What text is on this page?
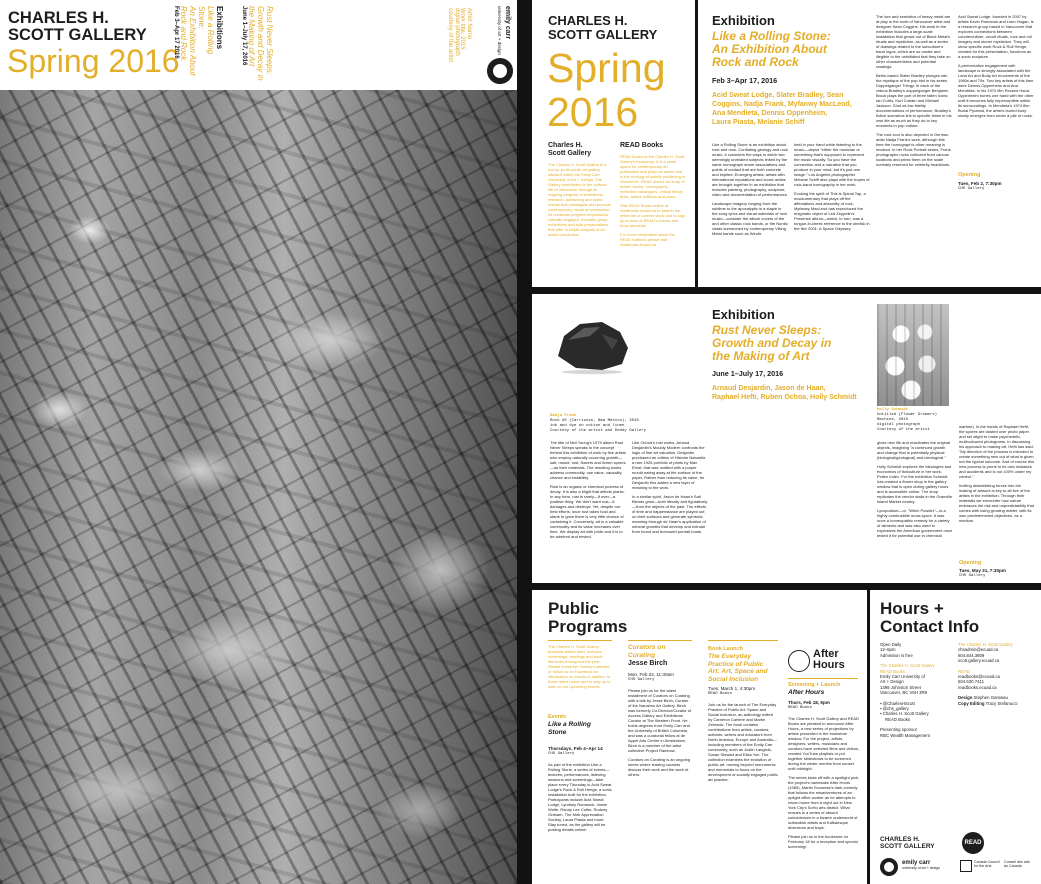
CHARLES H.
SCOTT GALLERY
Spring 2016
Exhibitions
Like a Rolling
Stone:
An Exhibition About
Rock and Rock
Feb 3–Apr 17 2016	Rust Never Sleeps:
Growth and Decay in
the Making of Art
June 1–July 17, 2016	Artist Name
Work title, 2015
digital photograph
courtesy of the artist	emily carr
university of art + design	CHARLES H.
SCOTT GALLERY
Spring
2016
Charles H.
Scott Gallery
The Charles H. Scott Gallery is a not-for-profit public art gallery situated within the Emily Carr University of Art + Design. The Gallery contributes to the cultural life of Vancouver through its ongoing program of exhibitions, research, publishing and public events that investigate and promote contemporary visual art production. Its curatorial program emphasizes critically engaged, thematic group exhibitions and solo presentations that offer in-depth analysis of an artist's production.
READ Books
READ Books is the Charles H. Scott Gallery's bookshop. It is a small space for contemporary art publication and plays an active role in the ecology of artistic publishing in Vancouver. READ stocks an array of artists' books, monographs, exhibition catalogues, critical theory texts, artists' editions and zines.
Visit READ Books online at readbooks.ecuad.ca to search our entire list of current stock and to sign up to hear of READ's events and book launches.
For more information about the READ Editions please visit readbooks.ecuad.ca
Exhibition
Like a Rolling Stone:
An Exhibition About
Rock and Rock
Feb 3–Apr 17, 2016
Acid Sweat Lodge, Slater Bradley, Sean
Coggins, Nadja Frank, Myfanwy MacLeod,
Ana Mendieta, Dennis Oppenheim,
Laura Piasta, Melanie Schiff
Like a Rolling Stone is an exhibition about rock and rock. Conflating geology and rock music, it considers the ways in which two seemingly unrelated subjects linked by the same homograph share associations and points of contact that are both concrete and implied. Emerging artists, artists with international reputations and iconic artists are brought together in an exhibition that includes painting, photography, sculpture, video and documentation of performances.
Landscape imagery ranging from the sublime to the apocalyptic is a staple in the song lyrics and visual materials of rock music—consider the album covers of the and other classic rock bands, or the Nordic vistas summoned by contemporary Viking Metal bands such as Windir.
held in your hand while listening to the music—depict "either the musician or something that's supposed to represent the music visually. So you have the connection and a narrative that you produce in your mind, but it's just one image." Los Angeles photographer Melanie Schiff also plays with the tropes of rock-band iconography in her work.
Evoking the spirit of This is Spinal Tap, a mockumentary that plays off the affectations and absurdity of rock, Myfanwy MacLeod has reproduced the enigmatic object of Led Zeppelin's Presence album—which, in turn, was a tongue-in-cheek reference to the obelisk in the film 2001: A Space Odyssey.
The lore and semiotics of heavy metal are at play in the work of Vancouver artist and designer Sean Coggins. His work in the exhibition includes a large-scale installation that grows out of Black Metal's rituals and mysticism, as well as a series of drawings related to the subculture's band logos, which are so ornate and illegible to the uninitiated that they take on other characteristics and potential readings.
Berlin-based Slater Bradley plunges into the mystique of the pop idol in his series Doppelganger Trilogy. In each of the videos Bradley's doppelganger Benjamin Brock plays the part of three fallen icons: Ian Curtis, Kurt Cobain and Michael Jackson. Shot as low fidelity documentations of performance, Bradley's fictive scenarios link to specific times in his own life as much as they do to key moments in pop culture.
The rock icon is also depicted in German artist Nadja Frank's work, although this time the homograph's other meaning is invoked. In her Rock Portrait series, Frank photographs rocks collected from various locations and prints them on the scale normally reserved for celebrity headshots.
Acid Sweat Lodge, founded in 2007 by artists Kevin Romanuk and Liam Hogan, is a research group based in Vancouver that explores connections between counterculture, occult rituals, rock and roll imagery and stoner mysticism. They will show specific work Rock & Roll Henge, created for this presentation, functions as a sonic sculpture.
A performative engagement with landscape is strongly associated with the Land Art and Body Art movements of the 1960s and 70s. Two key artists of this time were Dennis Oppenheim and Ana Mendieta. In his 1970 film Rocked Hand, Oppenheim buries one hand with the other until it becomes fully imperceptible within its surroundings. In Mendieta's 1974 film Burial Pyramid, the artist's buried body slowly emerges from under a pile of rocks.
Opening
Tues, Feb 2, 7:30pm
CHS Gallery
Nadja Frank
Rock #5 (Carrizozo, New Mexico), 2010
ink and dye on cotton and linen
Courtesy of the artist and Deddy Gallery
Exhibition
Rust Never Sleeps:
Growth and Decay in
the Making of Art
June 1–July 17, 2016
Arnaud Desjardin, Jason de Haan,
Raphael Hefti, Ruben Ochoa, Holly Schmidt
Holly Schmidt
Untitled (Flower Growers)
Machine, 2015
digital photograph
Courtesy of the artist
The title of Neil Young's 1979 album Rust Never Sleeps speaks to the concept behind this exhibition of work by five artists who employ naturally occurring growth—salt, mould, rust, flowers and lichen spores—as their materials. The resulting works address commodity, use value, causality, chance and instability.
Rust is an organic or chemical process of decay. It is also a blight that affects plants. In any form, rust is rarely—if ever—a positive thing. We don't want rust—it damages and destroys. Yet, despite our best efforts, once rust takes hold and starts to grow there is very little chance of containing it. Conversely, art is a valuable commodity and its value increases over time. We display art with pride and it is to be admired and envied.
Like Ochoa's rust works, Arnaud Desjardin's Mouldy Modern confronts the logic of fine art valuation. Desjardin purchased an edition of Histoire Naturelle, a rare 1926 portfolio of prints by Max Ernst, that was mottled with a purple mould eating away at the surface of the paper. Rather than reducing its value, for Desjardin this added a new layer of meaning to the work.
In a similar spirit, Jason de Haan's Salt Blends grow—both literally and figuratively—from the objects of the past. The effects of time and happenstance are played out on their surfaces and generate symbolic meaning through de Haan's application of mineral growths that develop and extrude from found and borrowed portrait busts.
gives new life and reactivates the original objects, imagining "a continued growth and change that is potentially physical (biological/geological) and ideological."
Holly Schmidt explores the ideologies and economics of floriculture in her work, Pollen Index. For the exhibition Schmidt has created a flower shop in the gallery window that is open during gallery hours and is accessible online. The shop replicates the vendor stalls in the Granville Island Market nearby.
Lycopodium—or, "Witch Powder"—is a highly combustible moss spore. It was once a homeopathic remedy for a variety of ailments and was also used in explosives the American government once tested it for potential use in chemical
warfare). In the hands of Raphael Hefti, the spores are dusted over photo paper and set alight to make psychedelic, multicoloured photograms. In discussing his approach to making art, Hefti has said: "My direction of the process is intended to create something new out of what is given, not the typical outcome. And of course this new process is prone to its own mistakes and accidents and is not 100% under my control."
Inviting destabilizing forces into the making of artwork is key to all five of the artists in the exhibition. Through their materials we encounter how nature embraces the risk and unpredictability that comes with using growing matter, with its own predetermined objectives, as a medium.
Opening
Tues, May 31, 7:30pm
CHS Gallery
Public
Programs
The Charles H. Scott Gallery presents artist's talks, lectures, screenings, readings and book launches throughout the year. Please check the Gallery's website or follow us on Facebook for information on events in addition to those listed below and to stay up to date on our upcoming events.
Events
Like a Rolling
Stone
Thursdays, Feb 4–Apr 14
CHS Gallery
As part of the exhibition Like a Rolling Stone, a series of events—lectures, performances, listening sessions and screenings—take place every Thursday in Acid Sweat Lodge's Rock & Roll Henge, a sonic installation built for the exhibition. Participants include Acid Sweat Lodge, Lyndsey Romanuk, Jamie Wolfe, Randy Lee Cutler, Rodney Graham, The Mob Appreciation Society, Laura Piasta and more. Stay tuned, as the gallery will be posting details online!
Curators on
Curating
Jesse Birch
Mon, Feb 22, 11:30am
CHS Gallery
Please join us for the latest installment of Curators on Curating with a talk by Jesse Birch, Curator of the Nanaimo Art Gallery. Birch was formerly Co-Director/Curator of Access Gallery and Exhibitions Curator at The Western Front. He holds degrees from Emily Carr and the University of British Columbia, and was a curatorial fellow at de Appel Arts Centre in Amsterdam. Birch is a member of the artist collective Project Rainbow.
Curators on Curating is an ongoing series where leading curators discuss their work and the work of others.
Book Launch
The Everyday
Practice of Public
Art: Art, Space and
Social Inclusion
Tues, March 1, 4:30pm
READ Books
Join us for the launch of The Everyday Practice of Public Art: Space and Social Inclusion, an anthology edited by Cameron Cartiere and Martin Zebracki. The book contains contributions from artists, curators, activists, writers and educators from North America, Europe and Australia—including members of the Emily Carr community, such as Justin Langlois, Susan Stewart and Elisa Yon. The collection examines the evolution of public art, moving beyond monuments and memorials to focus on the development of socially engaged public art practice.
After
Hours
Screening + Launch
After Hours
Thurs, Feb 18, 6pm
READ Books
The Charles H. Scott Gallery and READ Books are pleased to announce After Hours, a new series of projections by artists presented in the bookstore window. For the project, artists, designers, writers, musicians and curators have selected films and videos, created YouTube playlists or put together slideshows to be screened during the winter months from sunset until midnight.
The series kicks off with a spotlight pick, the project's namesake After Hours (1985), Martin Scorsese's dark comedy that follows the misadventures of an uptight office worker as he attempts to return home from a night out in New York City's SoHo arts district. What ensues is a series of absurd coincidences in a bizarre underworld of outlandish artists and Kafkaesque diversions and traps.
Please join us in the bookstore on February 18 for a reception and special screening!
Hours +
Contact Info
Open Daily
12–5pm
Admission is free
The Charles H. Scott Gallery
READ Books
Emily Carr University of
Art + Design
1399 Johnston Street
Vancouver, BC V6H 3R9
▪ @CharlesHScott
▪ @chs_gallery
▪ Charles H. Scott Gallery
READ Books
Presenting sponsor
RBC Wealth Management
The Charles H. Scott Gallery
chsadmin@ecuad.ca
604.844.3809
scott.gallery.ecuad.ca
READ
readbooks@ecuad.ca
604.630.7411
readbooks.ecuad.ca
Design Stephen Gamwau
Copy Editing Tracy Stefanucci
CHARLES H.
SCOTT GALLERY	READ
emily carr
university of art + design
Canada Council
for the Arts
Conseil des arts
du Canada
